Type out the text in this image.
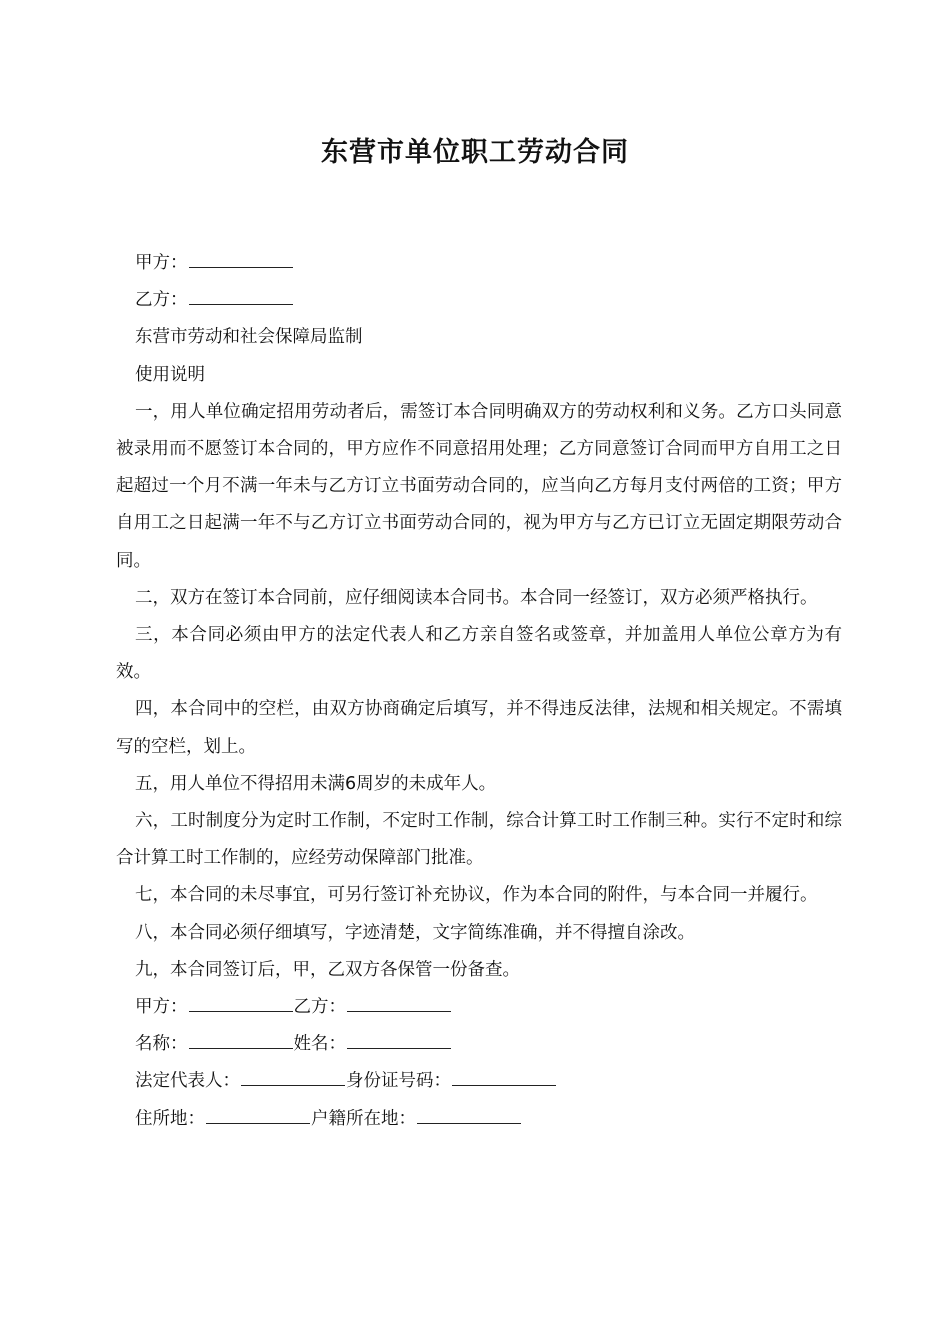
东营市单位职工劳动合同

甲方：

乙方：

东营市劳动和社会保障局监制

使用说明

一，用人单位确定招用劳动者后，需签订本合同明确双方的劳动权利和义务。乙方口头同意被录用而不愿签订本合同的，甲方应作不同意招用处理；乙方同意签订合同而甲方自用工之日起超过一个月不满一年未与乙方订立书面劳动合同的，应当向乙方每月支付两倍的工资；甲方自用工之日起满一年不与乙方订立书面劳动合同的，视为甲方与乙方已订立无固定期限劳动合同。

二，双方在签订本合同前，应仔细阅读本合同书。本合同一经签订，双方必须严格执行。

三，本合同必须由甲方的法定代表人和乙方亲自签名或签章，并加盖用人单位公章方为有效。

四，本合同中的空栏，由双方协商确定后填写，并不得违反法律，法规和相关规定。不需填写的空栏，划上。

五，用人单位不得招用未满6周岁的未成年人。

六，工时制度分为定时工作制，不定时工作制，综合计算工时工作制三种。实行不定时和综合计算工时工作制的，应经劳动保障部门批准。

七，本合同的未尽事宜，可另行签订补充协议，作为本合同的附件，与本合同一并履行。

八，本合同必须仔细填写，字迹清楚，文字简练准确，并不得擅自涂改。

九，本合同签订后，甲，乙双方各保管一份备查。

甲方：	乙方：

名称：	姓名：

法定代表人：	身份证号码：

住所地：	户籍所在地：
